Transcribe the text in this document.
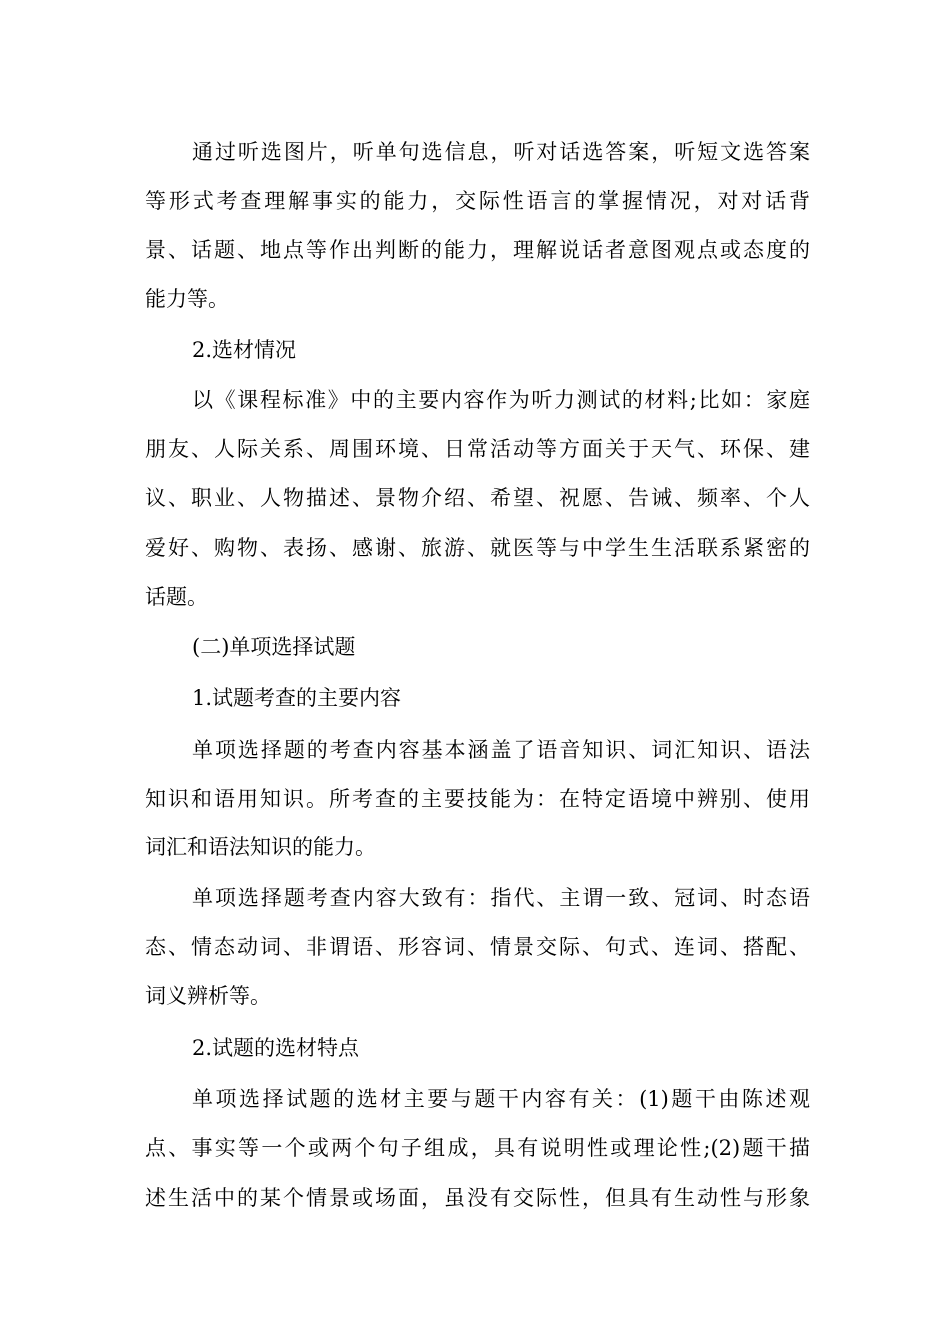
通过听选图片，听单句选信息，听对话选答案，听短文选答案
等形式考查理解事实的能力，交际性语言的掌握情况，对对话背
景、话题、地点等作出判断的能力，理解说话者意图观点或态度的
能力等。
2.选材情况
以《课程标准》中的主要内容作为听力测试的材料;比如：家庭
朋友、人际关系、周围环境、日常活动等方面关于天气、环保、建
议、职业、人物描述、景物介绍、希望、祝愿、告诫、频率、个人
爱好、购物、表扬、感谢、旅游、就医等与中学生生活联系紧密的
话题。
(二)单项选择试题
1.试题考查的主要内容
单项选择题的考查内容基本涵盖了语音知识、词汇知识、语法
知识和语用知识。所考查的主要技能为：在特定语境中辨别、使用
词汇和语法知识的能力。
单项选择题考查内容大致有：指代、主谓一致、冠词、时态语
态、情态动词、非谓语、形容词、情景交际、句式、连词、搭配、
词义辨析等。
2.试题的选材特点
单项选择试题的选材主要与题干内容有关：(1)题干由陈述观
点、事实等一个或两个句子组成，具有说明性或理论性;(2)题干描
述生活中的某个情景或场面，虽没有交际性，但具有生动性与形象
